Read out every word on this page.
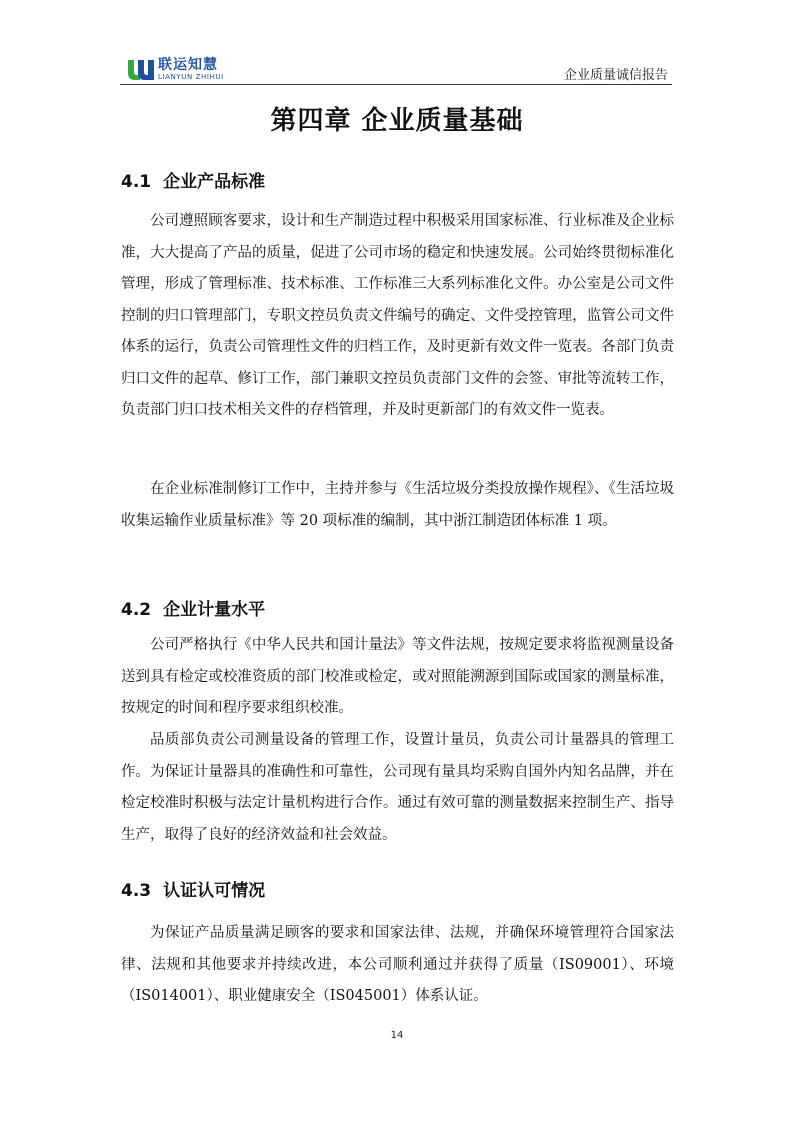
联运知慧
LIANYUN ZHIHUI	企业质量诚信报告
第四章 企业质量基础
4.1 企业产品标准

公司遵照顾客要求，设计和生产制造过程中积极采用国家标准、行业标准及企业标准，大大提高了产品的质量，促进了公司市场的稳定和快速发展。公司始终贯彻标准化管理，形成了管理标准、技术标准、工作标准三大系列标准化文件。办公室是公司文件控制的归口管理部门，专职文控员负责文件编号的确定、文件受控管理，监管公司文件体系的运行，负责公司管理性文件的归档工作，及时更新有效文件一览表。各部门负责归口文件的起草、修订工作，部门兼职文控员负责部门文件的会签、审批等流转工作，负责部门归口技术相关文件的存档管理，并及时更新部门的有效文件一览表。

在企业标准制修订工作中，主持并参与《生活垃圾分类投放操作规程》、《生活垃圾收集运输作业质量标准》等 20 项标准的编制，其中浙江制造团体标准 1 项。

4.2 企业计量水平

公司严格执行《中华人民共和国计量法》等文件法规，按规定要求将监视测量设备送到具有检定或校准资质的部门校准或检定，或对照能溯源到国际或国家的测量标准，按规定的时间和程序要求组织校准。

品质部负责公司测量设备的管理工作，设置计量员，负责公司计量器具的管理工作。为保证计量器具的准确性和可靠性，公司现有量具均采购自国外内知名品牌，并在检定校准时积极与法定计量机构进行合作。通过有效可靠的测量数据来控制生产、指导生产，取得了良好的经济效益和社会效益。

4.3 认证认可情况

为保证产品质量满足顾客的要求和国家法律、法规，并确保环境管理符合国家法律、法规和其他要求并持续改进，本公司顺利通过并获得了质量（IS09001）、环境（IS014001）、职业健康安全（IS045001）体系认证。

14
